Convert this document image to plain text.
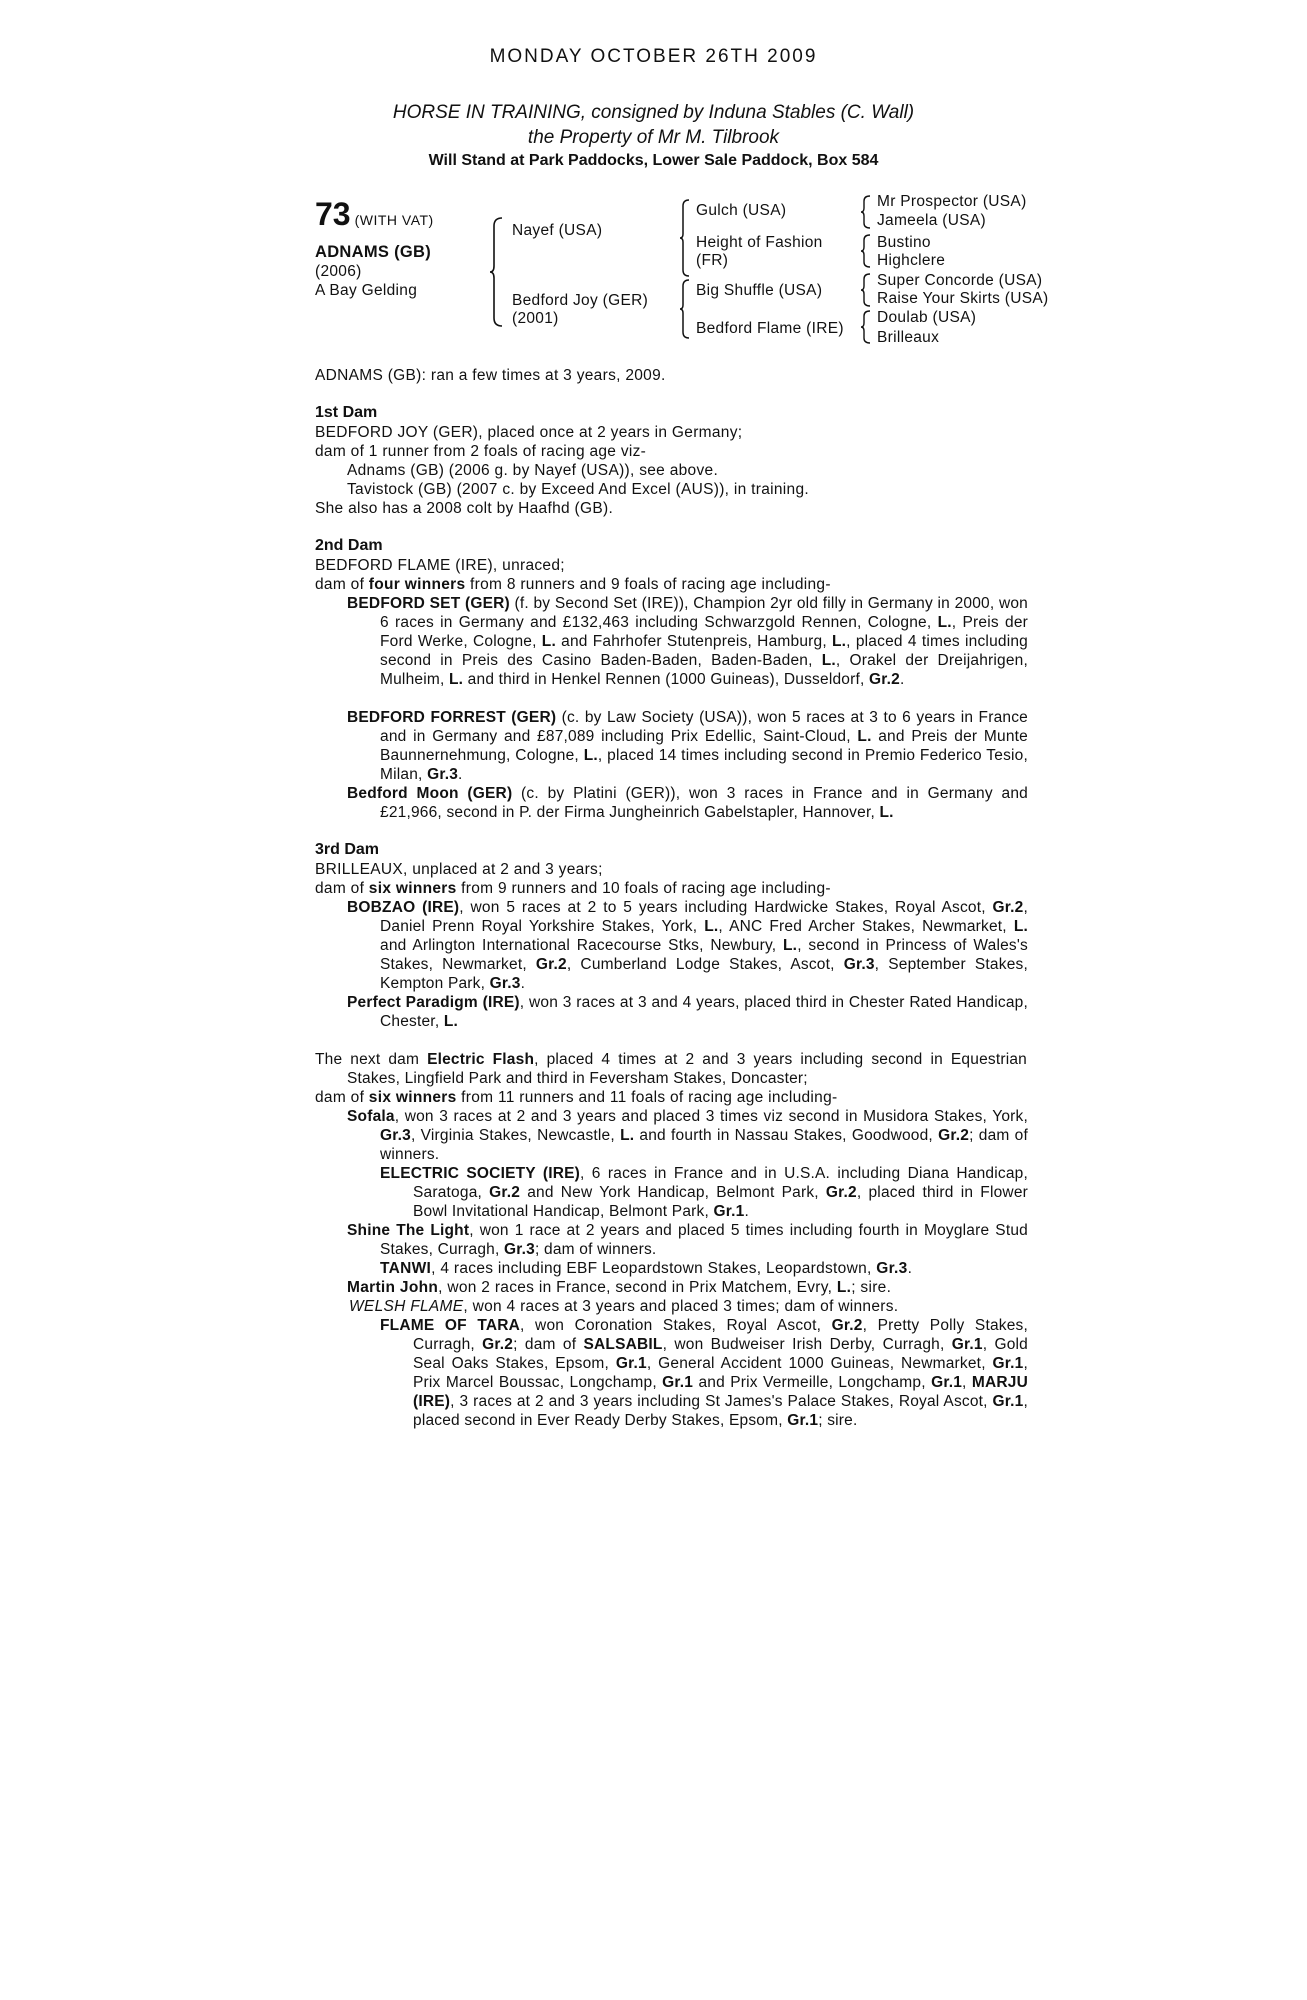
MONDAY OCTOBER 26TH 2009
HORSE IN TRAINING, consigned by Induna Stables (C. Wall)
the Property of Mr M. Tilbrook
Will Stand at Park Paddocks, Lower Sale Paddock, Box 584
73 (WITH VAT)
ADNAMS (GB)
(2006)
A Bay Gelding
Nayef (USA)
Bedford Joy (GER)
(2001)
Gulch (USA)
Height of Fashion
(FR)
Big Shuffle (USA)
Bedford Flame (IRE)
Mr Prospector (USA)
Jameela (USA)
Bustino
Highclere
Super Concorde (USA)
Raise Your Skirts (USA)
Doulab (USA)
Brilleaux
ADNAMS (GB): ran a few times at 3 years, 2009.
1st Dam
BEDFORD JOY (GER), placed once at 2 years in Germany;
dam of 1 runner from 2 foals of racing age viz-
Adnams (GB) (2006 g. by Nayef (USA)), see above.
Tavistock (GB) (2007 c. by Exceed And Excel (AUS)), in training.
She also has a 2008 colt by Haafhd (GB).
2nd Dam
BEDFORD FLAME (IRE), unraced;
dam of four winners from 8 runners and 9 foals of racing age including-
BEDFORD SET (GER) (f. by Second Set (IRE)), Champion 2yr old filly in Germany in 2000, won 6 races in Germany and £132,463 including Schwarzgold Rennen, Cologne, L., Preis der Ford Werke, Cologne, L. and Fahrhofer Stutenpreis, Hamburg, L., placed 4 times including second in Preis des Casino Baden-Baden, Baden-Baden, L., Orakel der Dreijahrigen, Mulheim, L. and third in Henkel Rennen (1000 Guineas), Dusseldorf, Gr.2.
BEDFORD FORREST (GER) (c. by Law Society (USA)), won 5 races at 3 to 6 years in France and in Germany and £87,089 including Prix Edellic, Saint-Cloud, L. and Preis der Munte Baunnernehmung, Cologne, L., placed 14 times including second in Premio Federico Tesio, Milan, Gr.3.
Bedford Moon (GER) (c. by Platini (GER)), won 3 races in France and in Germany and £21,966, second in P. der Firma Jungheinrich Gabelstapler, Hannover, L.
3rd Dam
BRILLEAUX, unplaced at 2 and 3 years;
dam of six winners from 9 runners and 10 foals of racing age including-
BOBZAO (IRE), won 5 races at 2 to 5 years including Hardwicke Stakes, Royal Ascot, Gr.2, Daniel Prenn Royal Yorkshire Stakes, York, L., ANC Fred Archer Stakes, Newmarket, L. and Arlington International Racecourse Stks, Newbury, L., second in Princess of Wales's Stakes, Newmarket, Gr.2, Cumberland Lodge Stakes, Ascot, Gr.3, September Stakes, Kempton Park, Gr.3.
Perfect Paradigm (IRE), won 3 races at 3 and 4 years, placed third in Chester Rated Handicap, Chester, L.
The next dam Electric Flash, placed 4 times at 2 and 3 years including second in Equestrian Stakes, Lingfield Park and third in Feversham Stakes, Doncaster;
dam of six winners from 11 runners and 11 foals of racing age including-
Sofala, won 3 races at 2 and 3 years and placed 3 times viz second in Musidora Stakes, York, Gr.3, Virginia Stakes, Newcastle, L. and fourth in Nassau Stakes, Goodwood, Gr.2; dam of winners.
ELECTRIC SOCIETY (IRE), 6 races in France and in U.S.A. including Diana Handicap, Saratoga, Gr.2 and New York Handicap, Belmont Park, Gr.2, placed third in Flower Bowl Invitational Handicap, Belmont Park, Gr.1.
Shine The Light, won 1 race at 2 years and placed 5 times including fourth in Moyglare Stud Stakes, Curragh, Gr.3; dam of winners.
TANWI, 4 races including EBF Leopardstown Stakes, Leopardstown, Gr.3.
Martin John, won 2 races in France, second in Prix Matchem, Evry, L.; sire.
WELSH FLAME, won 4 races at 3 years and placed 3 times; dam of winners.
FLAME OF TARA, won Coronation Stakes, Royal Ascot, Gr.2, Pretty Polly Stakes, Curragh, Gr.2; dam of SALSABIL, won Budweiser Irish Derby, Curragh, Gr.1, Gold Seal Oaks Stakes, Epsom, Gr.1, General Accident 1000 Guineas, Newmarket, Gr.1, Prix Marcel Boussac, Longchamp, Gr.1 and Prix Vermeille, Longchamp, Gr.1, MARJU (IRE), 3 races at 2 and 3 years including St James's Palace Stakes, Royal Ascot, Gr.1, placed second in Ever Ready Derby Stakes, Epsom, Gr.1; sire.
